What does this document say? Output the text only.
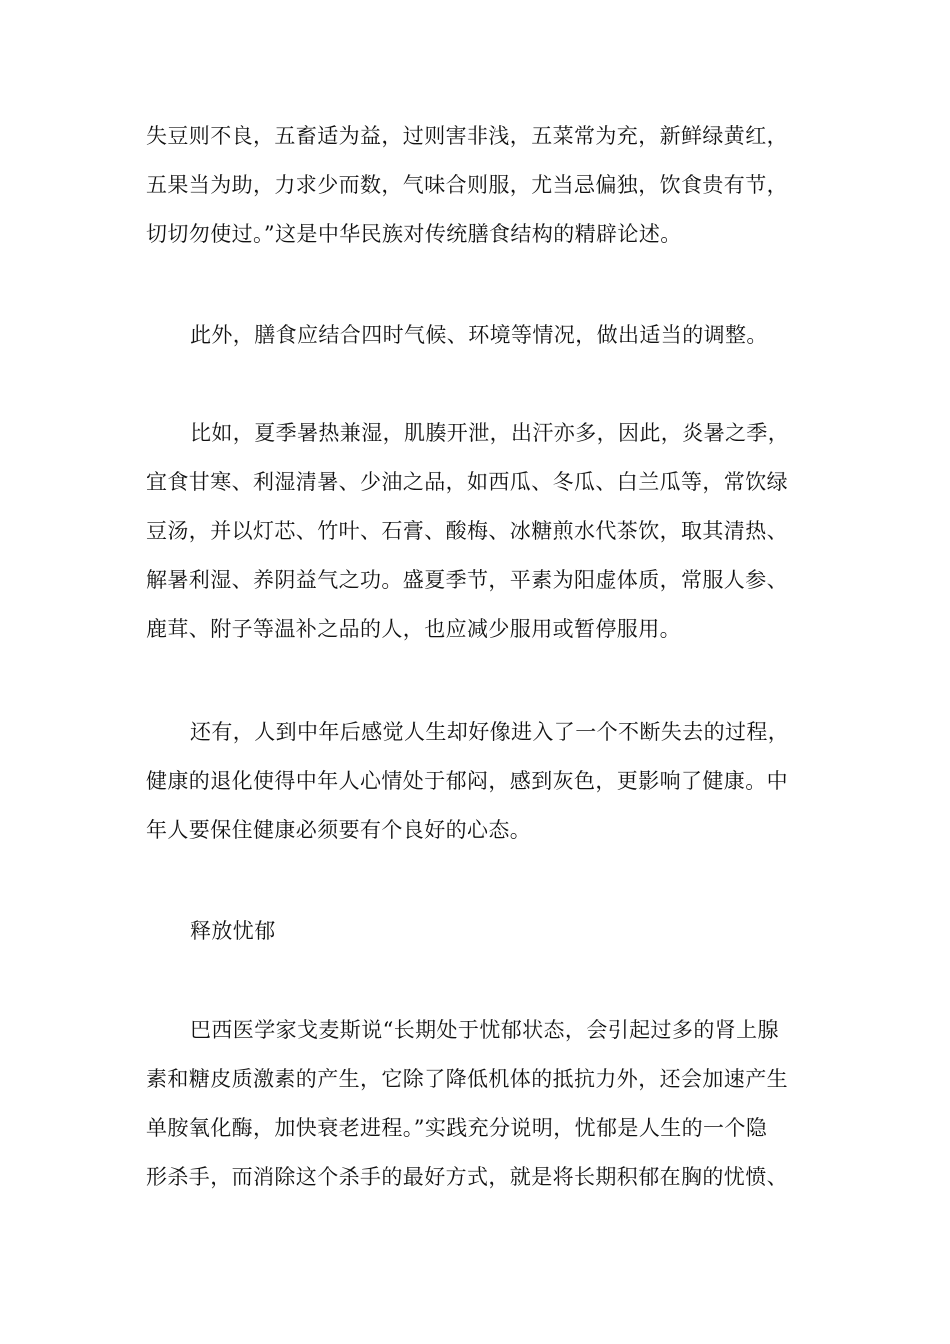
失豆则不良，五畜适为益，过则害非浅，五菜常为充，新鲜绿黄红，
五果当为助，力求少而数，气味合则服，尤当忌偏独，饮食贵有节，
切切勿使过。”这是中华民族对传统膳食结构的精辟论述。
此外，膳食应结合四时气候、环境等情况，做出适当的调整。
比如，夏季暑热兼湿，肌腠开泄，出汗亦多，因此，炎暑之季，
宜食甘寒、利湿清暑、少油之品，如西瓜、冬瓜、白兰瓜等，常饮绿
豆汤，并以灯芯、竹叶、石膏、酸梅、冰糖煎水代茶饮，取其清热、
解暑利湿、养阴益气之功。盛夏季节，平素为阳虚体质，常服人参、
鹿茸、附子等温补之品的人，也应减少服用或暂停服用。
还有，人到中年后感觉人生却好像进入了一个不断失去的过程，
健康的退化使得中年人心情处于郁闷，感到灰色，更影响了健康。中
年人要保住健康必须要有个良好的心态。
释放忧郁
巴西医学家戈麦斯说“长期处于忧郁状态，会引起过多的肾上腺
素和糖皮质激素的产生，它除了降低机体的抵抗力外，还会加速产生
单胺氧化酶，加快衰老进程。”实践充分说明，忧郁是人生的一个隐
形杀手，而消除这个杀手的最好方式，就是将长期积郁在胸的忧愤、
